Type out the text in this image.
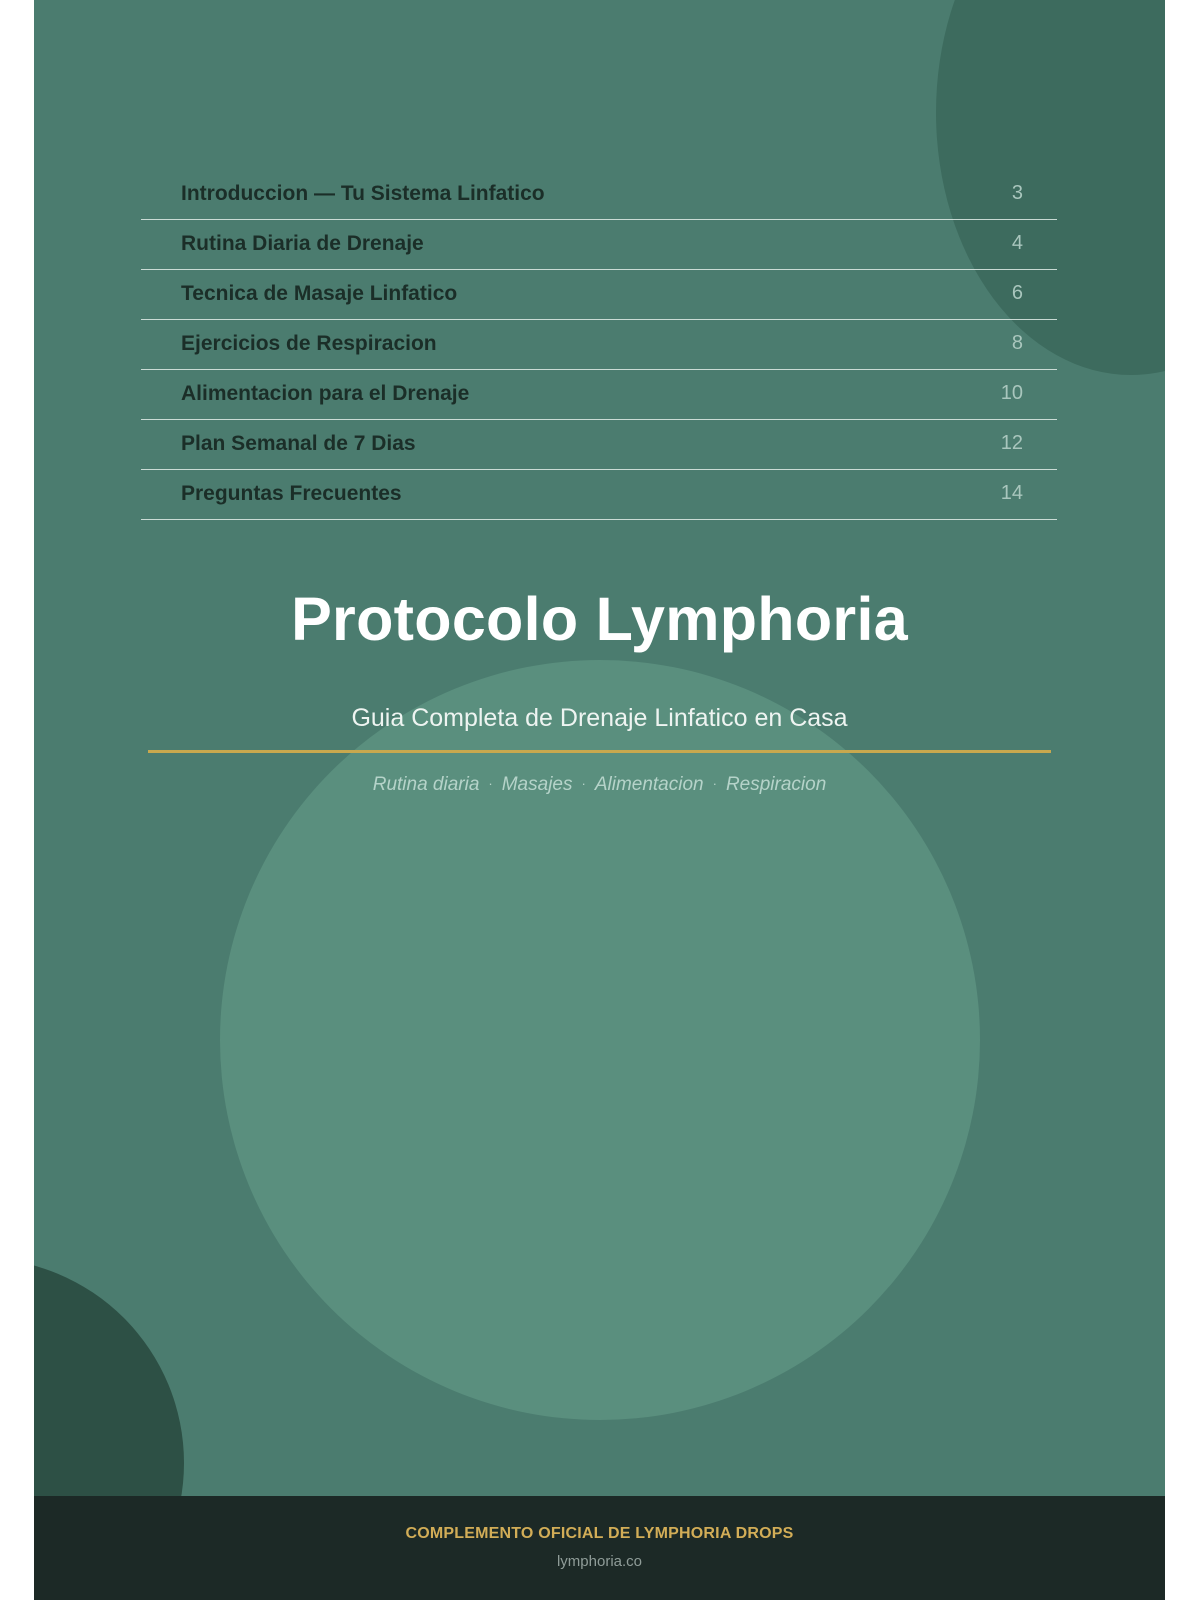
Introduccion — Tu Sistema Linfatico	3
Rutina Diaria de Drenaje	4
Tecnica de Masaje Linfatico	6
Ejercicios de Respiracion	8
Alimentacion para el Drenaje	10
Plan Semanal de 7 Dias	12
Preguntas Frecuentes	14
Protocolo Lymphoria
Guia Completa de Drenaje Linfatico en Casa
Rutina diaria · Masajes · Alimentacion · Respiracion
COMPLEMENTO OFICIAL DE LYMPHORIA DROPS
lymphoria.co
